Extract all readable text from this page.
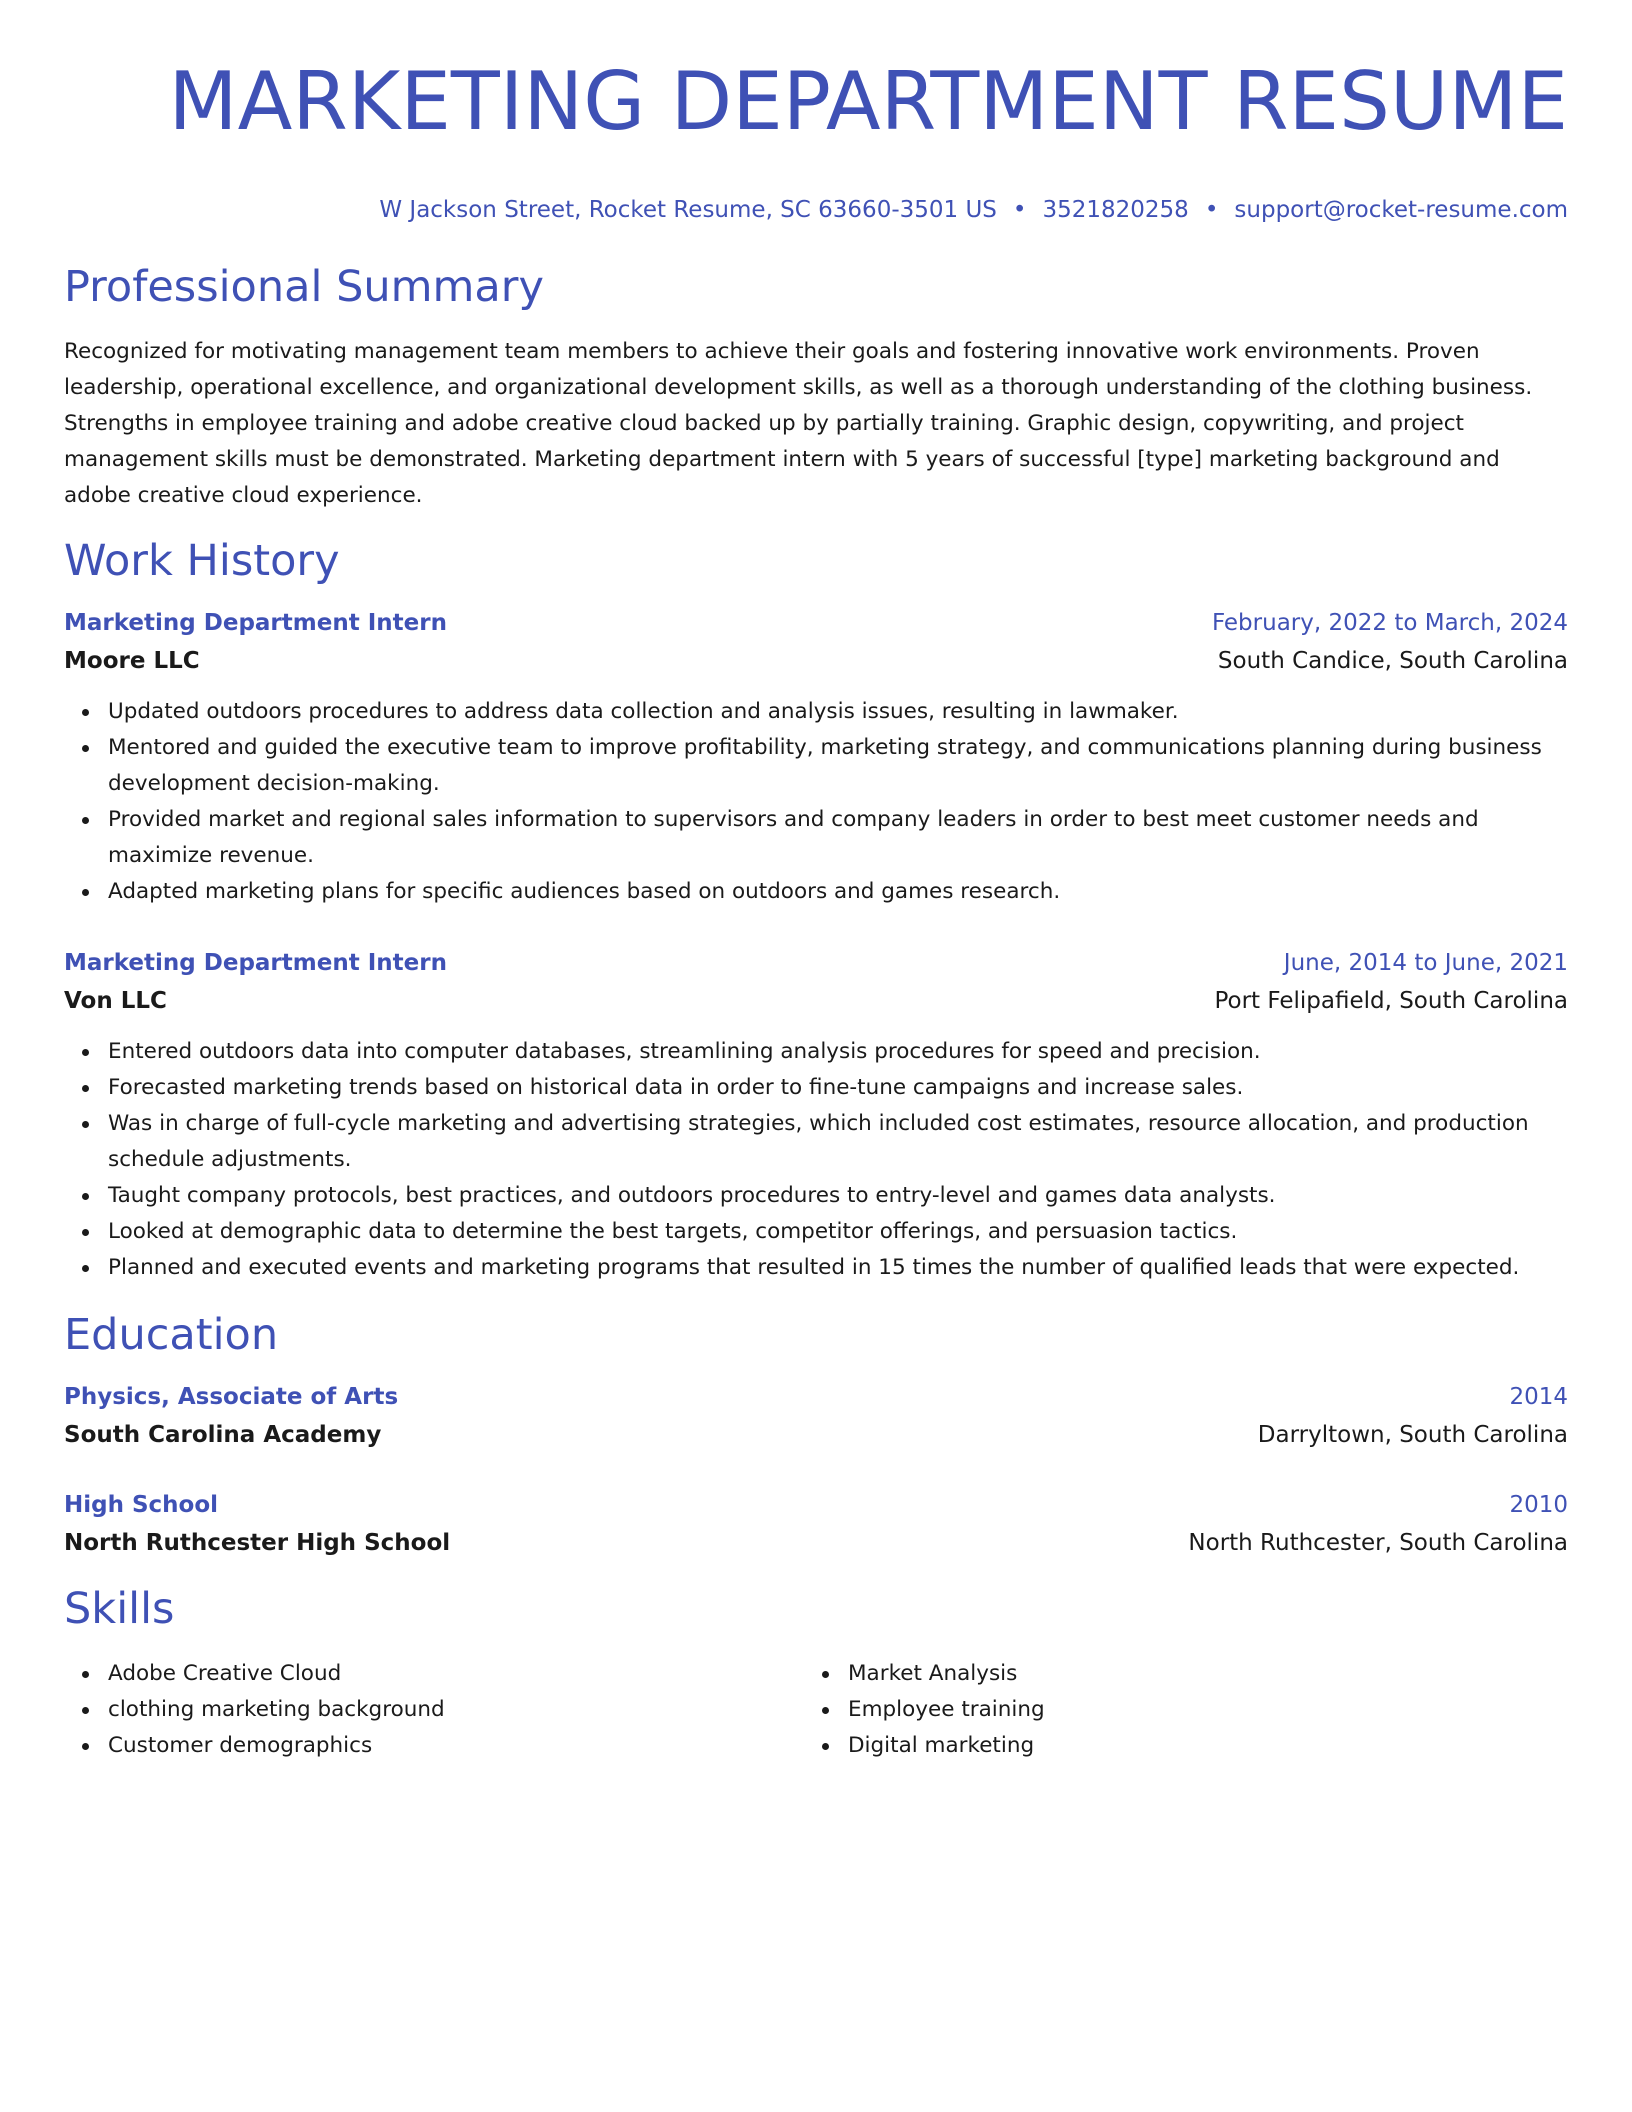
MARKETING DEPARTMENT RESUME
W Jackson Street, Rocket Resume, SC 63660-3501 US • 3521820258 • support@rocket-resume.com
Professional Summary

Recognized for motivating management team members to achieve their goals and fostering innovative work environments. Proven leadership, operational excellence, and organizational development skills, as well as a thorough understanding of the clothing business. Strengths in employee training and adobe creative cloud backed up by partially training. Graphic design, copywriting, and project management skills must be demonstrated. Marketing department intern with 5 years of successful [type] marketing background and adobe creative cloud experience.

Work History
Marketing Department Intern	February, 2022 to March, 2024
Moore LLC	South Candice, South Carolina
Updated outdoors procedures to address data collection and analysis issues, resulting in lawmaker.
Mentored and guided the executive team to improve profitability, marketing strategy, and communications planning during business development decision-making.
Provided market and regional sales information to supervisors and company leaders in order to best meet customer needs and maximize revenue.
Adapted marketing plans for specific audiences based on outdoors and games research.
Marketing Department Intern	June, 2014 to June, 2021
Von LLC	Port Felipafield, South Carolina
Entered outdoors data into computer databases, streamlining analysis procedures for speed and precision.
Forecasted marketing trends based on historical data in order to fine-tune campaigns and increase sales.
Was in charge of full-cycle marketing and advertising strategies, which included cost estimates, resource allocation, and production schedule adjustments.
Taught company protocols, best practices, and outdoors procedures to entry-level and games data analysts.
Looked at demographic data to determine the best targets, competitor offerings, and persuasion tactics.
Planned and executed events and marketing programs that resulted in 15 times the number of qualified leads that were expected.
Education
Physics, Associate of Arts	2014
South Carolina Academy	Darryltown, South Carolina
High School	2010
North Ruthcester High School	North Ruthcester, South Carolina
Skills
Adobe Creative Cloud
clothing marketing background
Customer demographics
Market Analysis
Employee training
Digital marketing
